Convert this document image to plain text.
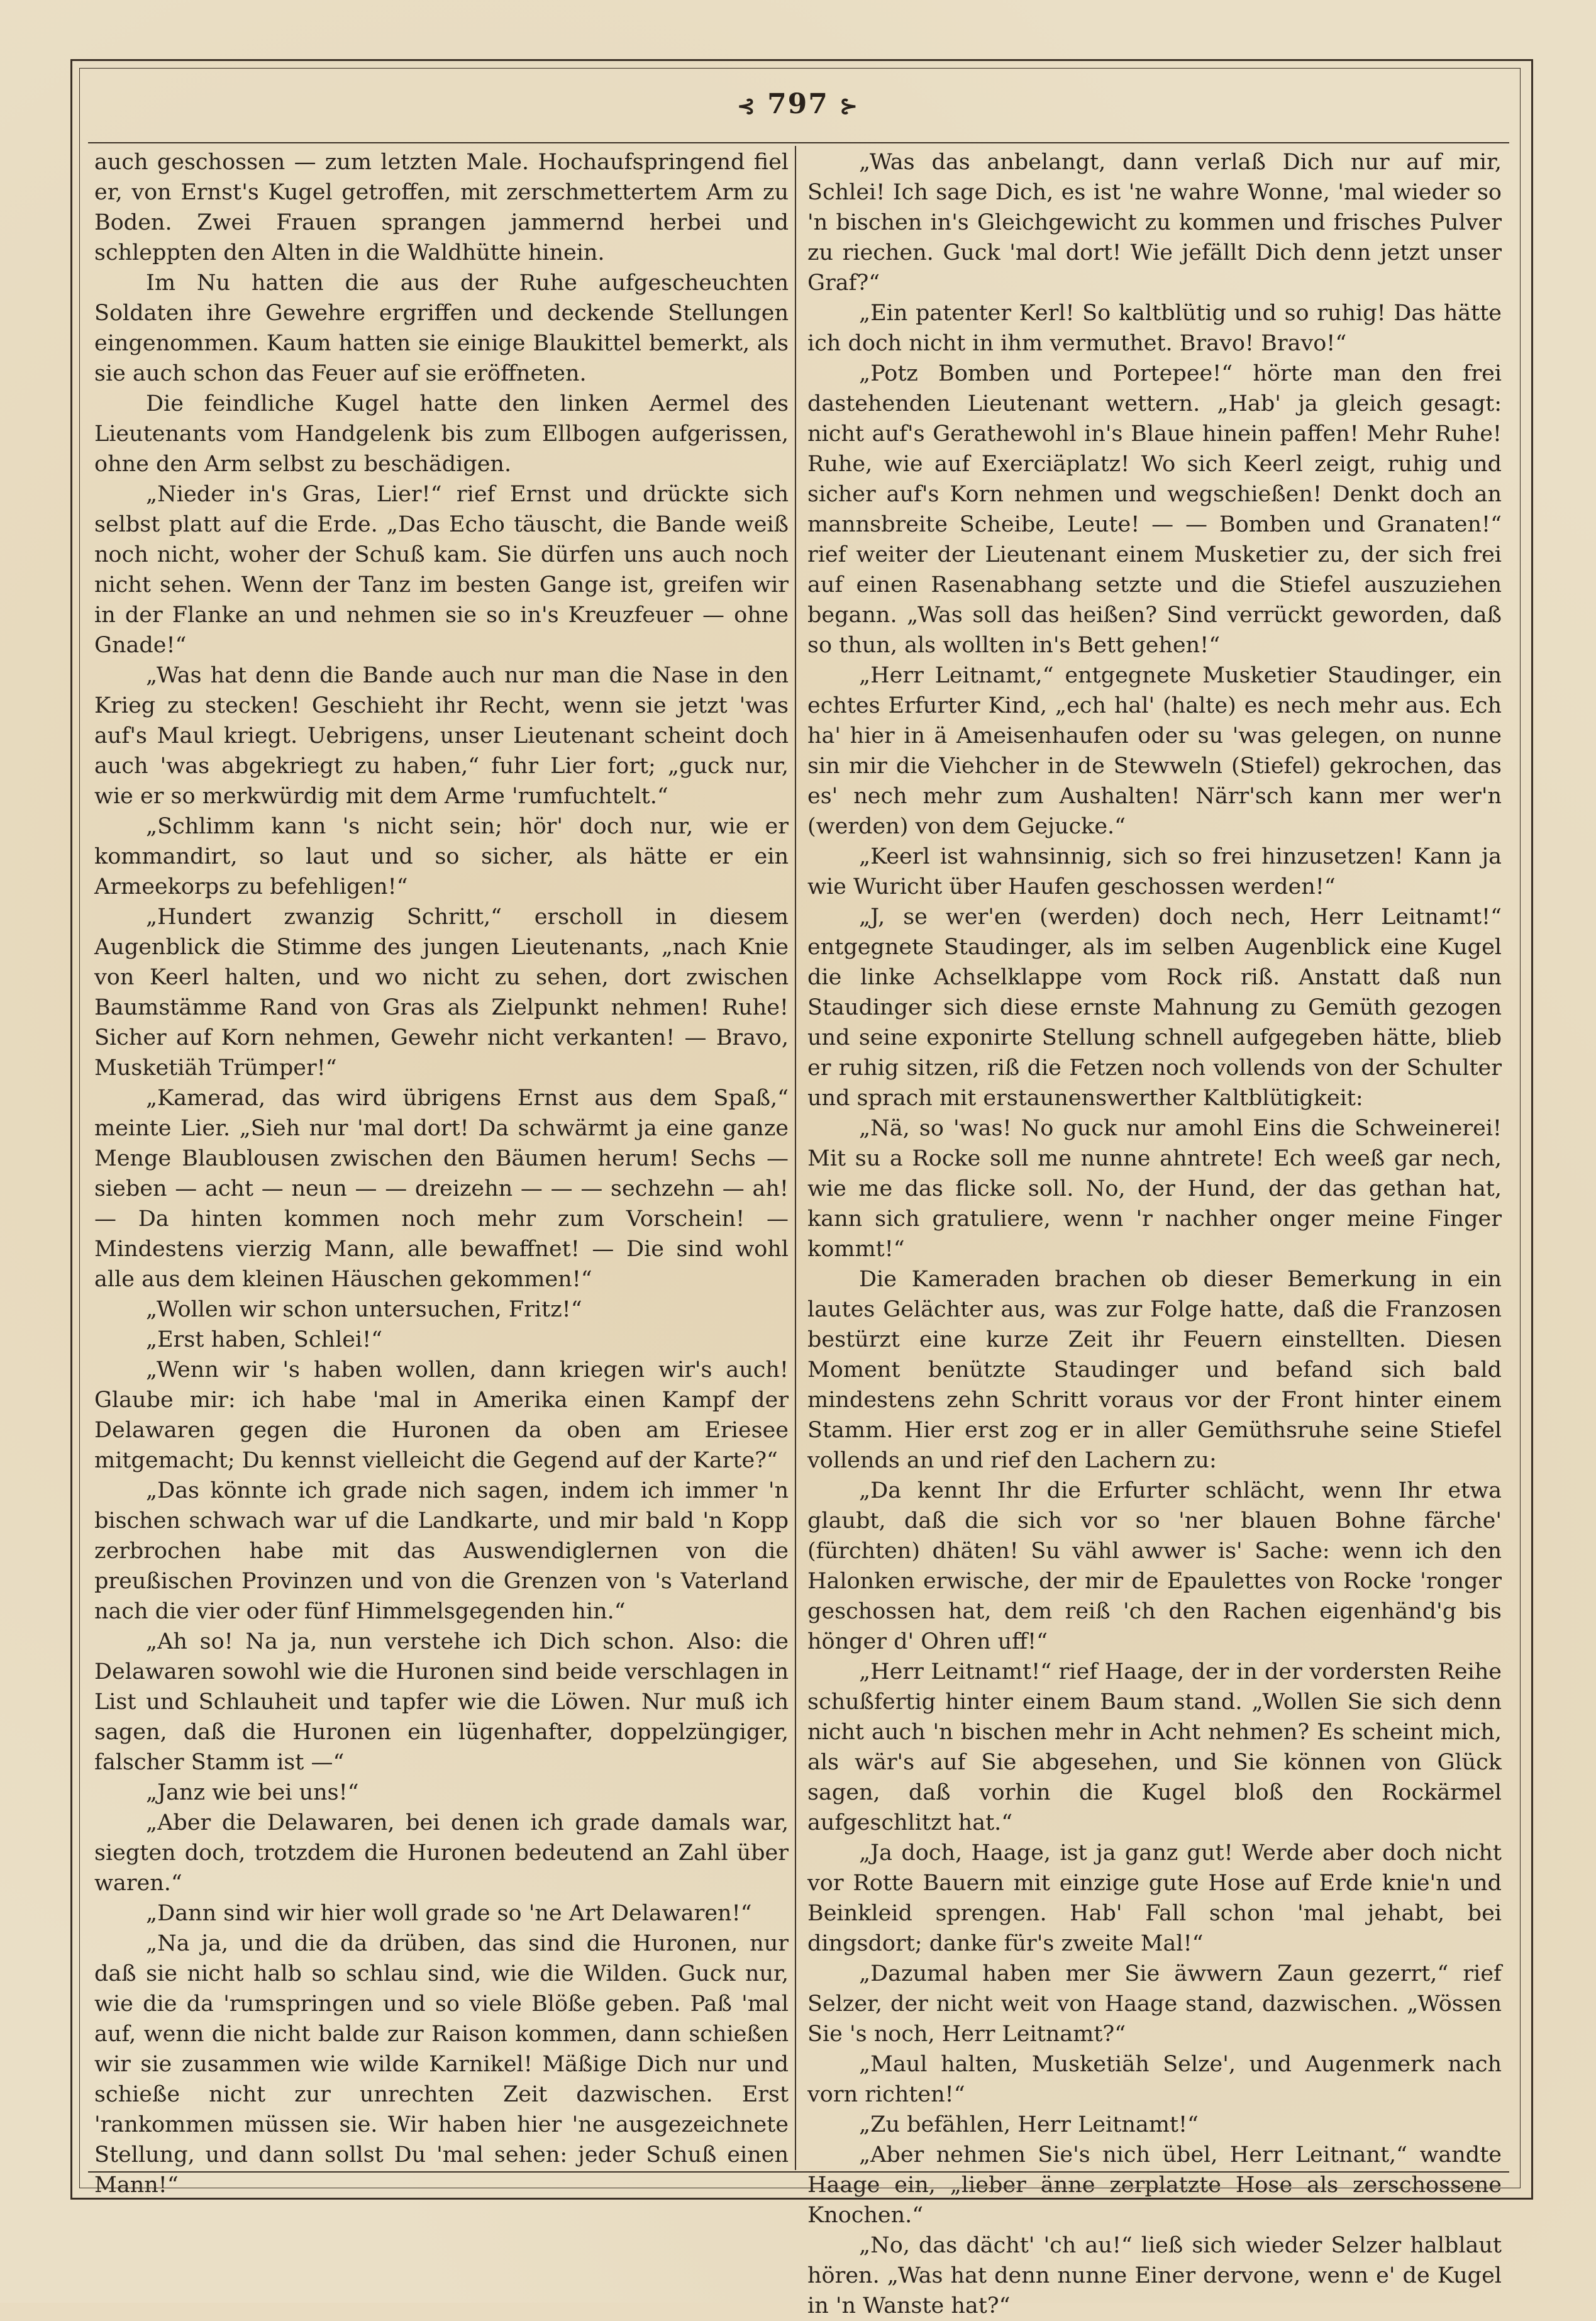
⊰ 797 ⊱

auch geschossen — zum letzten Male. Hochaufspringend fiel er, von Ernst's Kugel getroffen, mit zerschmettertem Arm zu Boden. Zwei Frauen sprangen jammernd herbei und schleppten den Alten in die Waldhütte hinein.

Im Nu hatten die aus der Ruhe aufgescheuchten Soldaten ihre Gewehre ergriffen und deckende Stellungen eingenommen. Kaum hatten sie einige Blaukittel bemerkt, als sie auch schon das Feuer auf sie eröffneten.

Die feindliche Kugel hatte den linken Aermel des Lieutenants vom Handgelenk bis zum Ellbogen aufgerissen, ohne den Arm selbst zu beschädigen.

„Nieder in's Gras, Lier!“ rief Ernst und drückte sich selbst platt auf die Erde. „Das Echo täuscht, die Bande weiß noch nicht, woher der Schuß kam. Sie dürfen uns auch noch nicht sehen. Wenn der Tanz im besten Gange ist, greifen wir in der Flanke an und nehmen sie so in's Kreuzfeuer — ohne Gnade!“

„Was hat denn die Bande auch nur man die Nase in den Krieg zu stecken! Geschieht ihr Recht, wenn sie jetzt 'was auf's Maul kriegt. Uebrigens, unser Lieutenant scheint doch auch 'was abgekriegt zu haben,“ fuhr Lier fort; „guck nur, wie er so merkwürdig mit dem Arme 'rumfuchtelt.“

„Schlimm kann 's nicht sein; hör' doch nur, wie er kommandirt, so laut und so sicher, als hätte er ein Armeekorps zu befehligen!“

„Hundert zwanzig Schritt,“ erscholl in diesem Augenblick die Stimme des jungen Lieutenants, „nach Knie von Keerl halten, und wo nicht zu sehen, dort zwischen Baumstämme Rand von Gras als Zielpunkt nehmen! Ruhe! Sicher auf Korn nehmen, Gewehr nicht verkanten! — Bravo, Musketiäh Trümper!“

„Kamerad, das wird übrigens Ernst aus dem Spaß,“ meinte Lier. „Sieh nur 'mal dort! Da schwärmt ja eine ganze Menge Blaublousen zwischen den Bäumen herum! Sechs — sieben — acht — neun — — dreizehn — — — sechzehn — ah! — Da hinten kommen noch mehr zum Vorschein! — Mindestens vierzig Mann, alle bewaffnet! — Die sind wohl alle aus dem kleinen Häuschen gekommen!“

„Wollen wir schon untersuchen, Fritz!“

„Erst haben, Schlei!“

„Wenn wir 's haben wollen, dann kriegen wir's auch! Glaube mir: ich habe 'mal in Amerika einen Kampf der Delawaren gegen die Huronen da oben am Eriesee mitgemacht; Du kennst vielleicht die Gegend auf der Karte?“

„Das könnte ich grade nich sagen, indem ich immer 'n bischen schwach war uf die Landkarte, und mir bald 'n Kopp zerbrochen habe mit das Auswendiglernen von die preußischen Provinzen und von die Grenzen von 's Vaterland nach die vier oder fünf Himmelsgegenden hin.“

„Ah so! Na ja, nun verstehe ich Dich schon. Also: die Delawaren sowohl wie die Huronen sind beide verschlagen in List und Schlauheit und tapfer wie die Löwen. Nur muß ich sagen, daß die Huronen ein lügenhafter, doppelzüngiger, falscher Stamm ist —“

„Janz wie bei uns!“

„Aber die Delawaren, bei denen ich grade damals war, siegten doch, trotzdem die Huronen bedeutend an Zahl über waren.“

„Dann sind wir hier woll grade so 'ne Art Delawaren!“

„Na ja, und die da drüben, das sind die Huronen, nur daß sie nicht halb so schlau sind, wie die Wilden. Guck nur, wie die da 'rumspringen und so viele Blöße geben. Paß 'mal auf, wenn die nicht balde zur Raison kommen, dann schießen wir sie zusammen wie wilde Karnikel! Mäßige Dich nur und schieße nicht zur unrechten Zeit dazwischen. Erst 'rankommen müssen sie. Wir haben hier 'ne ausgezeichnete Stellung, und dann sollst Du 'mal sehen: jeder Schuß einen Mann!“

„Was das anbelangt, dann verlaß Dich nur auf mir, Schlei! Ich sage Dich, es ist 'ne wahre Wonne, 'mal wieder so 'n bischen in's Gleichgewicht zu kommen und frisches Pulver zu riechen. Guck 'mal dort! Wie jefällt Dich denn jetzt unser Graf?“

„Ein patenter Kerl! So kaltblütig und so ruhig! Das hätte ich doch nicht in ihm vermuthet. Bravo! Bravo!“

„Potz Bomben und Portepee!“ hörte man den frei dastehenden Lieutenant wettern. „Hab' ja gleich gesagt: nicht auf's Gerathewohl in's Blaue hinein paffen! Mehr Ruhe! Ruhe, wie auf Exerciäplatz! Wo sich Keerl zeigt, ruhig und sicher auf's Korn nehmen und wegschießen! Denkt doch an mannsbreite Scheibe, Leute! — — Bomben und Granaten!“ rief weiter der Lieutenant einem Musketier zu, der sich frei auf einen Rasenabhang setzte und die Stiefel auszuziehen begann. „Was soll das heißen? Sind verrückt geworden, daß so thun, als wollten in's Bett gehen!“

„Herr Leitnamt,“ entgegnete Musketier Staudinger, ein echtes Erfurter Kind, „ech hal' (halte) es nech mehr aus. Ech ha' hier in ä Ameisenhaufen oder su 'was gelegen, on nunne sin mir die Viehcher in de Stewweln (Stiefel) gekrochen, das es' nech mehr zum Aushalten! Närr'sch kann mer wer'n (werden) von dem Gejucke.“

„Keerl ist wahnsinnig, sich so frei hinzusetzen! Kann ja wie Wuricht über Haufen geschossen werden!“

„J, se wer'en (werden) doch nech, Herr Leitnamt!“ entgegnete Staudinger, als im selben Augenblick eine Kugel die linke Achselklappe vom Rock riß. Anstatt daß nun Staudinger sich diese ernste Mahnung zu Gemüth gezogen und seine exponirte Stellung schnell aufgegeben hätte, blieb er ruhig sitzen, riß die Fetzen noch vollends von der Schulter und sprach mit erstaunenswerther Kaltblütigkeit:

„Nä, so 'was! No guck nur amohl Eins die Schweinerei! Mit su a Rocke soll me nunne ahntrete! Ech weeß gar nech, wie me das flicke soll. No, der Hund, der das gethan hat, kann sich gratuliere, wenn 'r nachher onger meine Finger kommt!“

Die Kameraden brachen ob dieser Bemerkung in ein lautes Gelächter aus, was zur Folge hatte, daß die Franzosen bestürzt eine kurze Zeit ihr Feuern einstellten. Diesen Moment benützte Staudinger und befand sich bald mindestens zehn Schritt voraus vor der Front hinter einem Stamm. Hier erst zog er in aller Gemüthsruhe seine Stiefel vollends an und rief den Lachern zu:

„Da kennt Ihr die Erfurter schlächt, wenn Ihr etwa glaubt, daß die sich vor so 'ner blauen Bohne färche' (fürchten) dhäten! Su vähl awwer is' Sache: wenn ich den Halonken erwische, der mir de Epaulettes von Rocke 'ronger geschossen hat, dem reiß 'ch den Rachen eigenhänd'g bis hönger d' Ohren uff!“

„Herr Leitnamt!“ rief Haage, der in der vordersten Reihe schußfertig hinter einem Baum stand. „Wollen Sie sich denn nicht auch 'n bischen mehr in Acht nehmen? Es scheint mich, als wär's auf Sie abgesehen, und Sie können von Glück sagen, daß vorhin die Kugel bloß den Rockärmel aufgeschlitzt hat.“

„Ja doch, Haage, ist ja ganz gut! Werde aber doch nicht vor Rotte Bauern mit einzige gute Hose auf Erde knie'n und Beinkleid sprengen. Hab' Fall schon 'mal jehabt, bei dingsdort; danke für's zweite Mal!“

„Dazumal haben mer Sie äwwern Zaun gezerrt,“ rief Selzer, der nicht weit von Haage stand, dazwischen. „Wössen Sie 's noch, Herr Leitnamt?“

„Maul halten, Musketiäh Selze', und Augenmerk nach vorn richten!“

„Zu befählen, Herr Leitnamt!“

„Aber nehmen Sie's nich übel, Herr Leitnant,“ wandte Haage ein, „lieber änne zerplatzte Hose als zerschossene Knochen.“

„No, das dächt' 'ch au!“ ließ sich wieder Selzer halblaut hören. „Was hat denn nunne Einer dervone, wenn e' de Kugel in 'n Wanste hat?“
